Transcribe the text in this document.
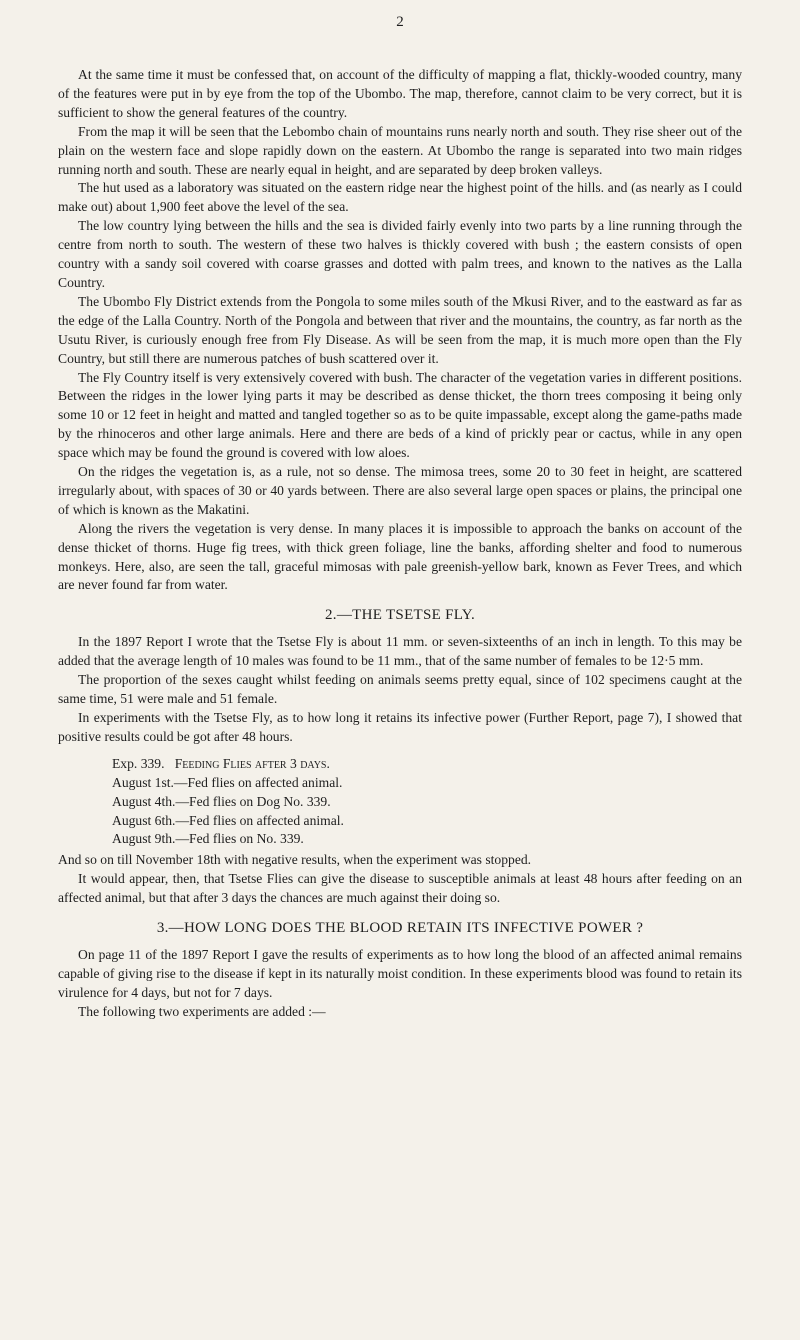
2

At the same time it must be confessed that, on account of the difficulty of mapping a flat, thickly-wooded country, many of the features were put in by eye from the top of the Ubombo. The map, therefore, cannot claim to be very correct, but it is sufficient to show the general features of the country.

From the map it will be seen that the Lebombo chain of mountains runs nearly north and south. They rise sheer out of the plain on the western face and slope rapidly down on the eastern. At Ubombo the range is separated into two main ridges running north and south. These are nearly equal in height, and are separated by deep broken valleys.

The hut used as a laboratory was situated on the eastern ridge near the highest point of the hills. and (as nearly as I could make out) about 1,900 feet above the level of the sea.

The low country lying between the hills and the sea is divided fairly evenly into two parts by a line running through the centre from north to south. The western of these two halves is thickly covered with bush ; the eastern consists of open country with a sandy soil covered with coarse grasses and dotted with palm trees, and known to the natives as the Lalla Country.

The Ubombo Fly District extends from the Pongola to some miles south of the Mkusi River, and to the eastward as far as the edge of the Lalla Country. North of the Pongola and between that river and the mountains, the country, as far north as the Usutu River, is curiously enough free from Fly Disease. As will be seen from the map, it is much more open than the Fly Country, but still there are numerous patches of bush scattered over it.

The Fly Country itself is very extensively covered with bush. The character of the vegetation varies in different positions. Between the ridges in the lower lying parts it may be described as dense thicket, the thorn trees composing it being only some 10 or 12 feet in height and matted and tangled together so as to be quite impassable, except along the game-paths made by the rhinoceros and other large animals. Here and there are beds of a kind of prickly pear or cactus, while in any open space which may be found the ground is covered with low aloes.

On the ridges the vegetation is, as a rule, not so dense. The mimosa trees, some 20 to 30 feet in height, are scattered irregularly about, with spaces of 30 or 40 yards between. There are also several large open spaces or plains, the principal one of which is known as the Makatini.

Along the rivers the vegetation is very dense. In many places it is impossible to approach the banks on account of the dense thicket of thorns. Huge fig trees, with thick green foliage, line the banks, affording shelter and food to numerous monkeys. Here, also, are seen the tall, graceful mimosas with pale greenish-yellow bark, known as Fever Trees, and which are never found far from water.

2.—THE TSETSE FLY.

In the 1897 Report I wrote that the Tsetse Fly is about 11 mm. or seven-sixteenths of an inch in length. To this may be added that the average length of 10 males was found to be 11 mm., that of the same number of females to be 12·5 mm.

The proportion of the sexes caught whilst feeding on animals seems pretty equal, since of 102 specimens caught at the same time, 51 were male and 51 female.

In experiments with the Tsetse Fly, as to how long it retains its infective power (Further Report, page 7), I showed that positive results could be got after 48 hours.

Exp. 339. Feeding Flies after 3 days.
August 1st.—Fed flies on affected animal.
August 4th.—Fed flies on Dog No. 339.
August 6th.—Fed flies on affected animal.
August 9th.—Fed flies on No. 339.

And so on till November 18th with negative results, when the experiment was stopped.

It would appear, then, that Tsetse Flies can give the disease to susceptible animals at least 48 hours after feeding on an affected animal, but that after 3 days the chances are much against their doing so.

3.—HOW LONG DOES THE BLOOD RETAIN ITS INFECTIVE POWER ?

On page 11 of the 1897 Report I gave the results of experiments as to how long the blood of an affected animal remains capable of giving rise to the disease if kept in its naturally moist condition. In these experiments blood was found to retain its virulence for 4 days, but not for 7 days.

The following two experiments are added :—
